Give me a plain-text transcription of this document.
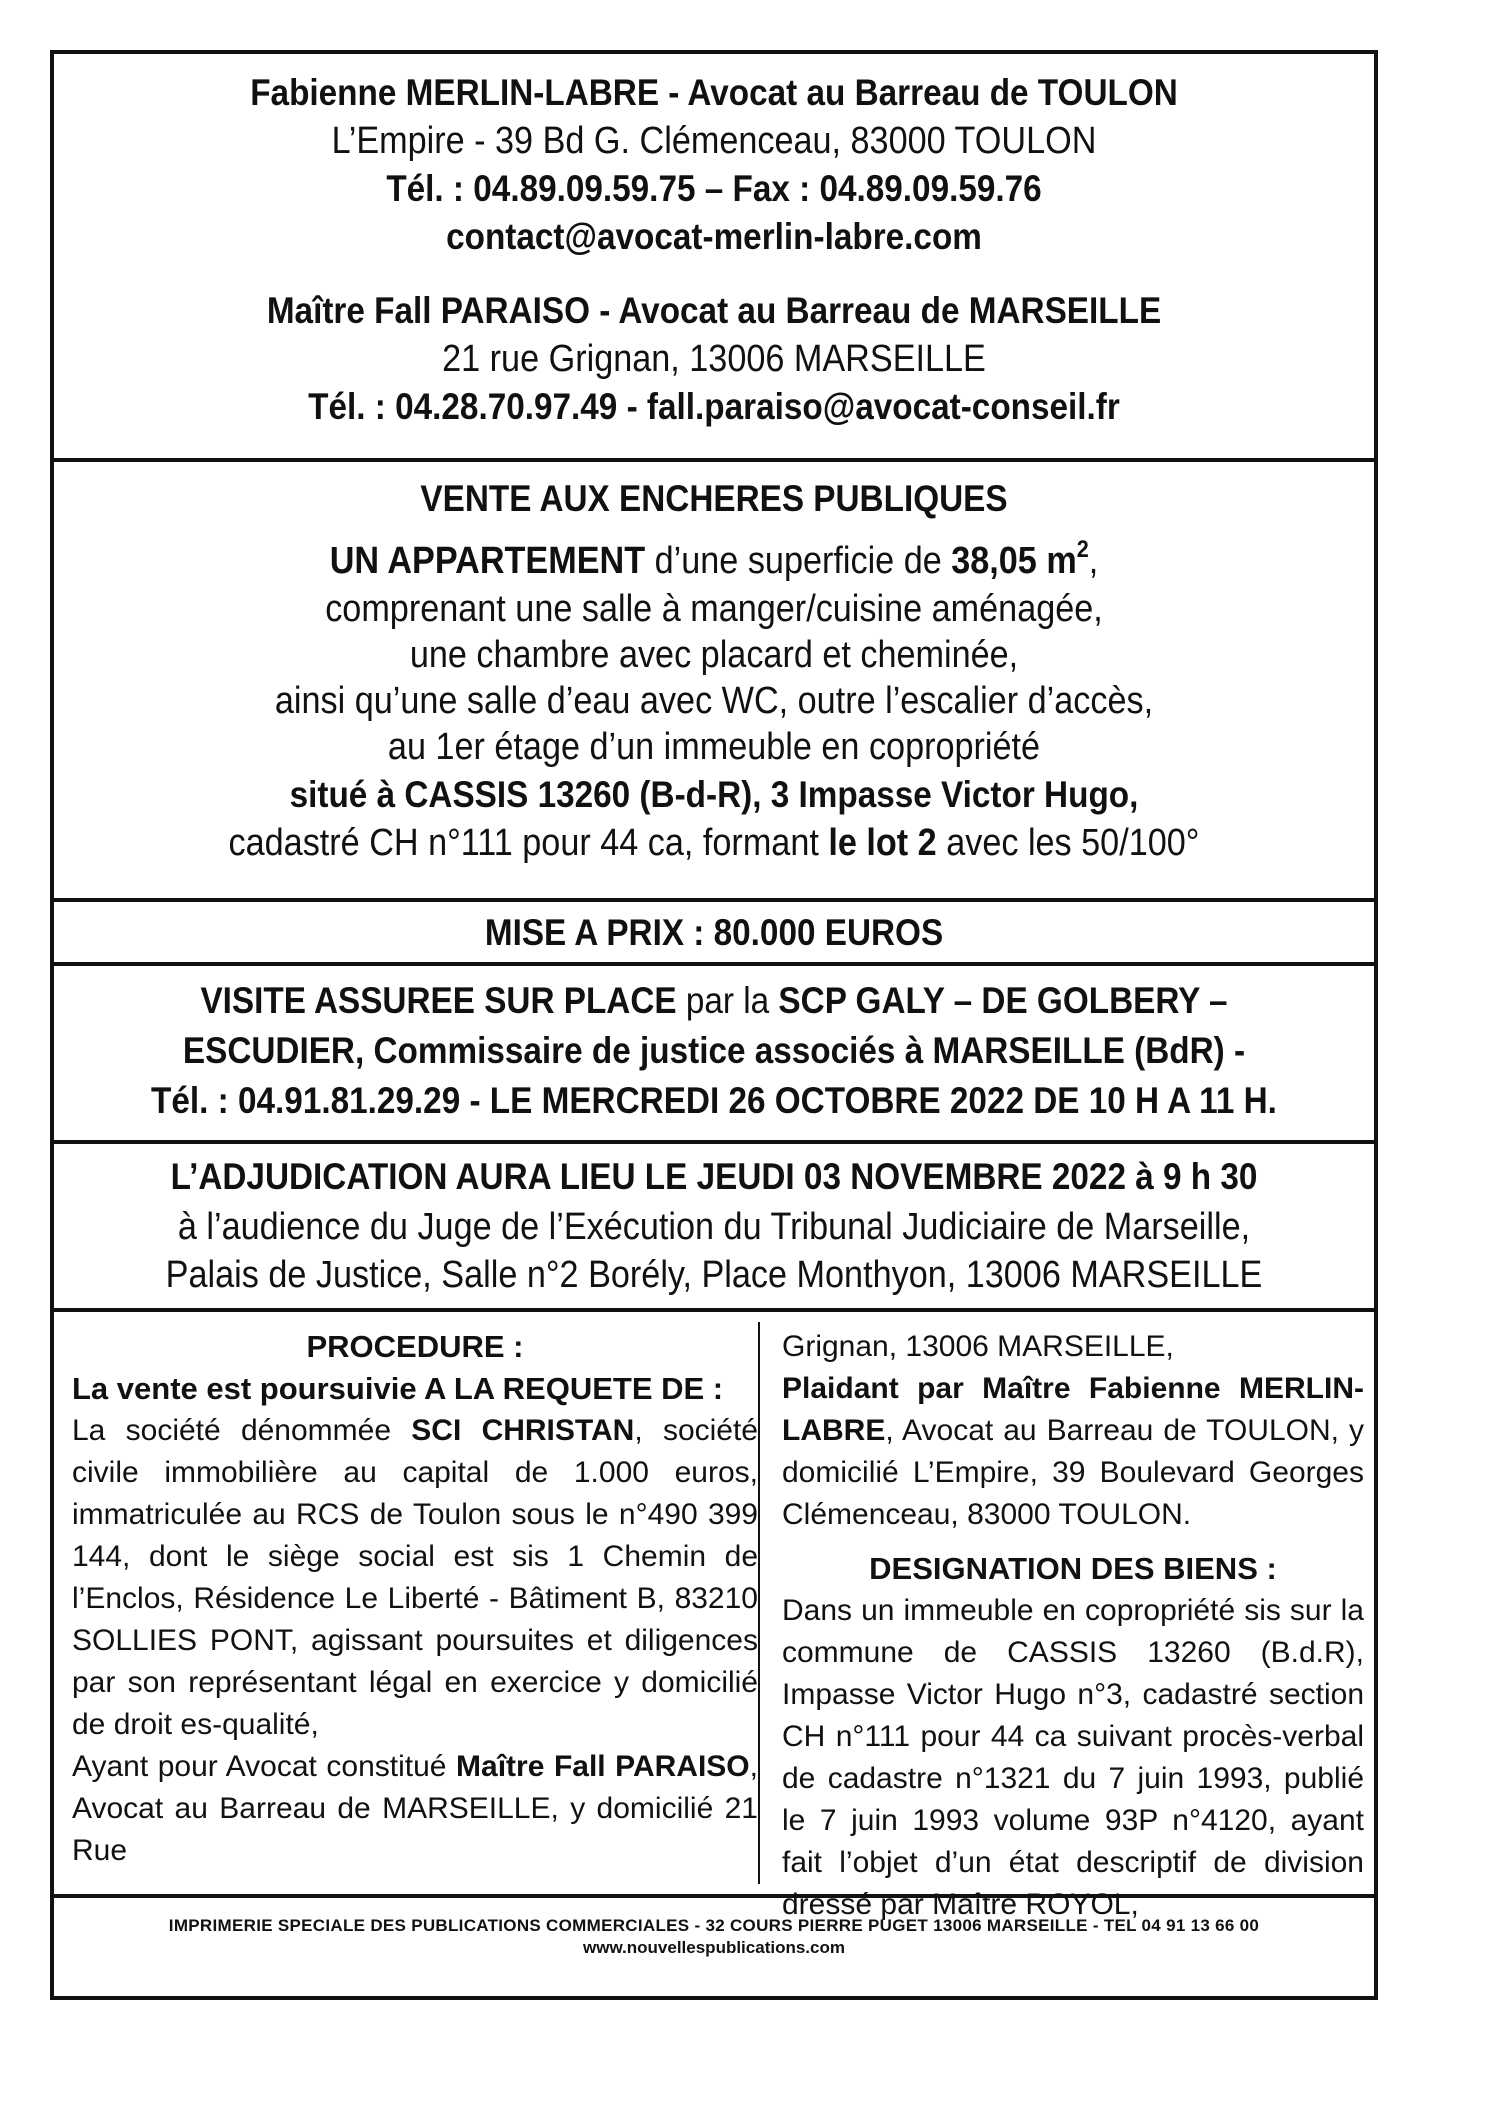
Fabienne MERLIN-LABRE - Avocat au Barreau de TOULON
L’Empire - 39 Bd G. Clémenceau, 83000 TOULON
Tél. : 04.89.09.59.75 – Fax : 04.89.09.59.76
contact@avocat-merlin-labre.com
Maître Fall PARAISO - Avocat au Barreau de MARSEILLE
21 rue Grignan, 13006 MARSEILLE
Tél. : 04.28.70.97.49 - fall.paraiso@avocat-conseil.fr
VENTE AUX ENCHERES PUBLIQUES
UN APPARTEMENT d’une superficie de 38,05 $m^2$,
comprenant une salle à manger/cuisine aménagée,
une chambre avec placard et cheminée,
ainsi qu’une salle d’eau avec WC, outre l’escalier d’accès,
au 1er étage d’un immeuble en copropriété
situé à CASSIS 13260 (B-d-R), 3 Impasse Victor Hugo,
cadastré CH n°111 pour 44 ca, formant le lot 2 avec les 50/100°
MISE A PRIX : 80.000 EUROS
VISITE ASSUREE SUR PLACE par la SCP GALY – DE GOLBERY –
ESCUDIER, Commissaire de justice associés à MARSEILLE (BdR) -
Tél. : 04.91.81.29.29 - LE MERCREDI 26 OCTOBRE 2022 DE 10 H A 11 H.
L’ADJUDICATION AURA LIEU LE JEUDI 03 NOVEMBRE 2022 à 9 h 30
à l’audience du Juge de l’Exécution du Tribunal Judiciaire de Marseille,
Palais de Justice, Salle n°2 Borély, Place Monthyon, 13006 MARSEILLE

PROCEDURE :

La vente est poursuivie A LA REQUETE DE :

La société dénommée SCI CHRISTAN, société civile immobilière au capital de 1.000 euros, immatriculée au RCS de Toulon sous le n°490 399 144, dont le siège social est sis 1 Chemin de l’Enclos, Résidence Le Liberté - Bâtiment B, 83210 SOLLIES PONT, agissant poursuites et diligences par son représentant légal en exercice y domicilié de droit es-qualité,

Ayant pour Avocat constitué Maître Fall PARAISO, Avocat au Barreau de MARSEILLE, y domicilié 21 Rue

Grignan, 13006 MARSEILLE,

Plaidant par Maître Fabienne MERLIN-LABRE, Avocat au Barreau de TOULON, y domicilié L’Empire, 39 Boulevard Georges Clémenceau, 83000 TOULON.

DESIGNATION DES BIENS :

Dans un immeuble en copropriété sis sur la commune de CASSIS 13260 (B.d.R), Impasse Victor Hugo n°3, cadastré section CH n°111 pour 44 ca suivant procès-verbal de cadastre n°1321 du 7 juin 1993, publié le 7 juin 1993 volume 93P n°4120, ayant fait l’objet d’un état descriptif de division dressé par Maître ROYOL,

IMPRIMERIE SPECIALE DES PUBLICATIONS COMMERCIALES - 32 COURS PIERRE PUGET 13006 MARSEILLE - TEL 04 91 13 66 00
www.nouvellespublications.com
